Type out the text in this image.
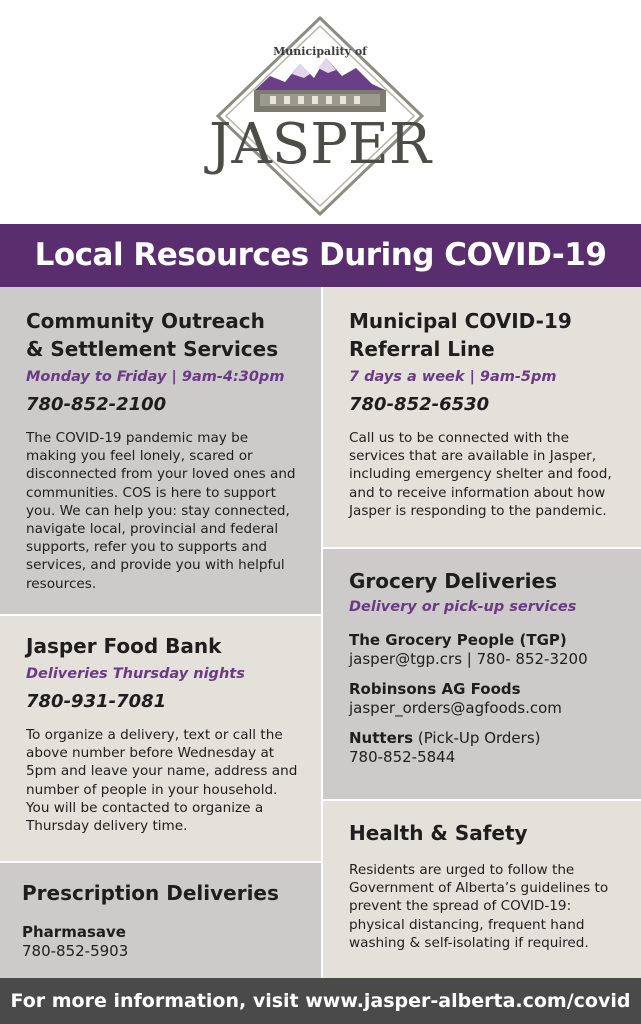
Municipality of
JASPER
Local Resources During COVID-19
Community Outreach
& Settlement Services
Monday to Friday | 9am-4:30pm
780-852-2100
The COVID-19 pandemic may be making you feel lonely, scared or disconnected from your loved ones and communities. COS is here to support you. We can help you: stay connected, navigate local, provincial and federal supports, refer you to supports and services, and provide you with helpful resources.
Municipal COVID-19
Referral Line
7 days a week | 9am-5pm
780-852-6530
Call us to be connected with the services that are available in Jasper, including emergency shelter and food, and to receive information about how Jasper is responding to the pandemic.
Jasper Food Bank
Deliveries Thursday nights
780-931-7081
To organize a delivery, text or call the above number before Wednesday at 5pm and leave your name, address and number of people in your household. You will be contacted to organize a Thursday delivery time.
Grocery Deliveries
Delivery or pick-up services
The Grocery People (TGP)
jasper@tgp.crs | 780- 852-3200
Robinsons AG Foods
jasper_orders@agfoods.com
Nutters (Pick-Up Orders)
780-852-5844
Prescription Deliveries
Pharmasave
780-852-5903
Health & Safety
Residents are urged to follow the Government of Alberta’s guidelines to prevent the spread of COVID-19: physical distancing, frequent hand washing & self-isolating if required.
For more information, visit www.jasper-alberta.com/covid
